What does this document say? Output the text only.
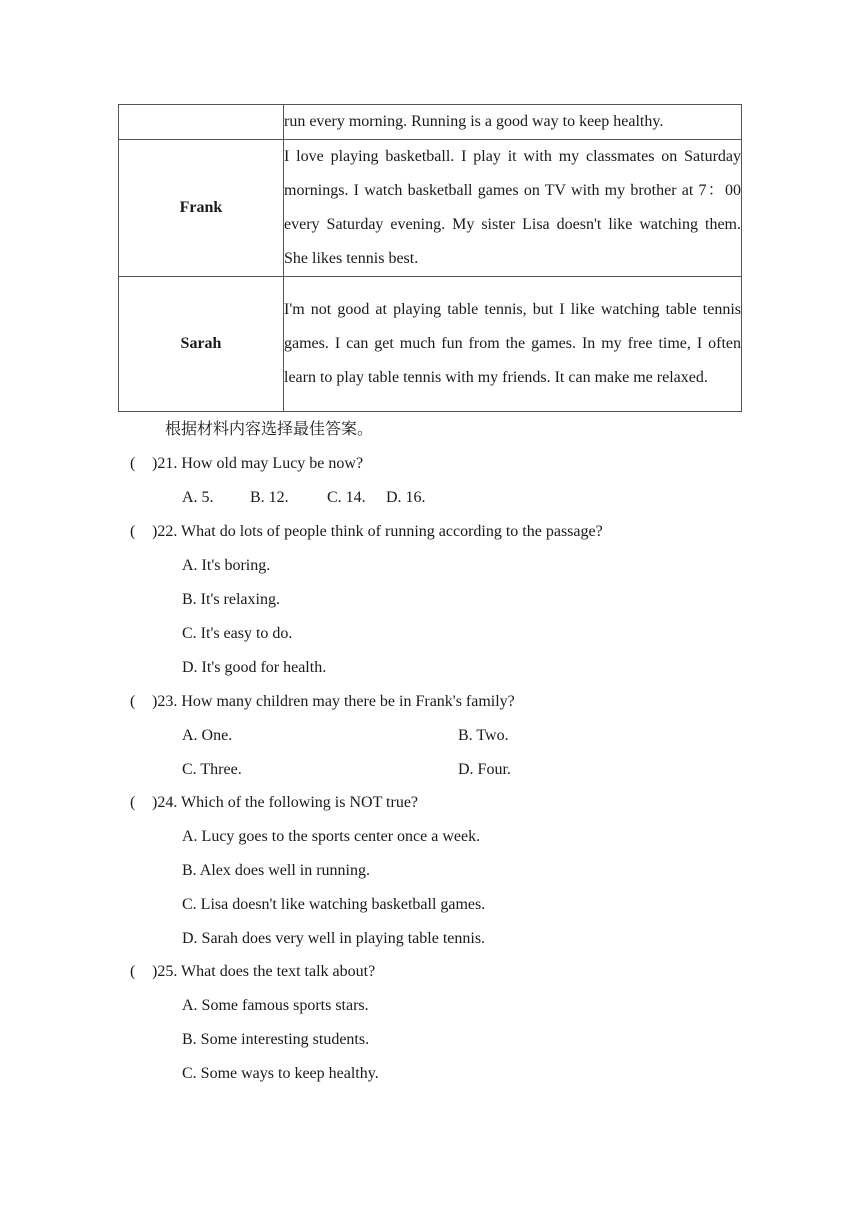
	run every morning. Running is a good way to keep healthy.
Frank	I love playing basketball. I play it with my classmates on Saturday mornings. I watch basketball games on TV with my brother at 7：00 every Saturday evening. My sister Lisa doesn't like watching them. She likes tennis best.
Sarah	I'm not good at playing table tennis, but I like watching table tennis games. I can get much fun from the games. In my free time, I often learn to play table tennis with my friends. It can make me relaxed.
根据材料内容选择最佳答案。
( )21. How old may Lucy be now?
A. 5. B. 12. C. 14. D. 16.
( )22. What do lots of people think of running according to the passage?
A. It's boring.
B. It's relaxing.
C. It's easy to do.
D. It's good for health.
( )23. How many children may there be in Frank's family?
A. One.	B. Two.
C. Three.	D. Four.
( )24. Which of the following is NOT true?
A. Lucy goes to the sports center once a week.
B. Alex does well in running.
C. Lisa doesn't like watching basketball games.
D. Sarah does very well in playing table tennis.
( )25. What does the text talk about?
A. Some famous sports stars.
B. Some interesting students.
C. Some ways to keep healthy.
